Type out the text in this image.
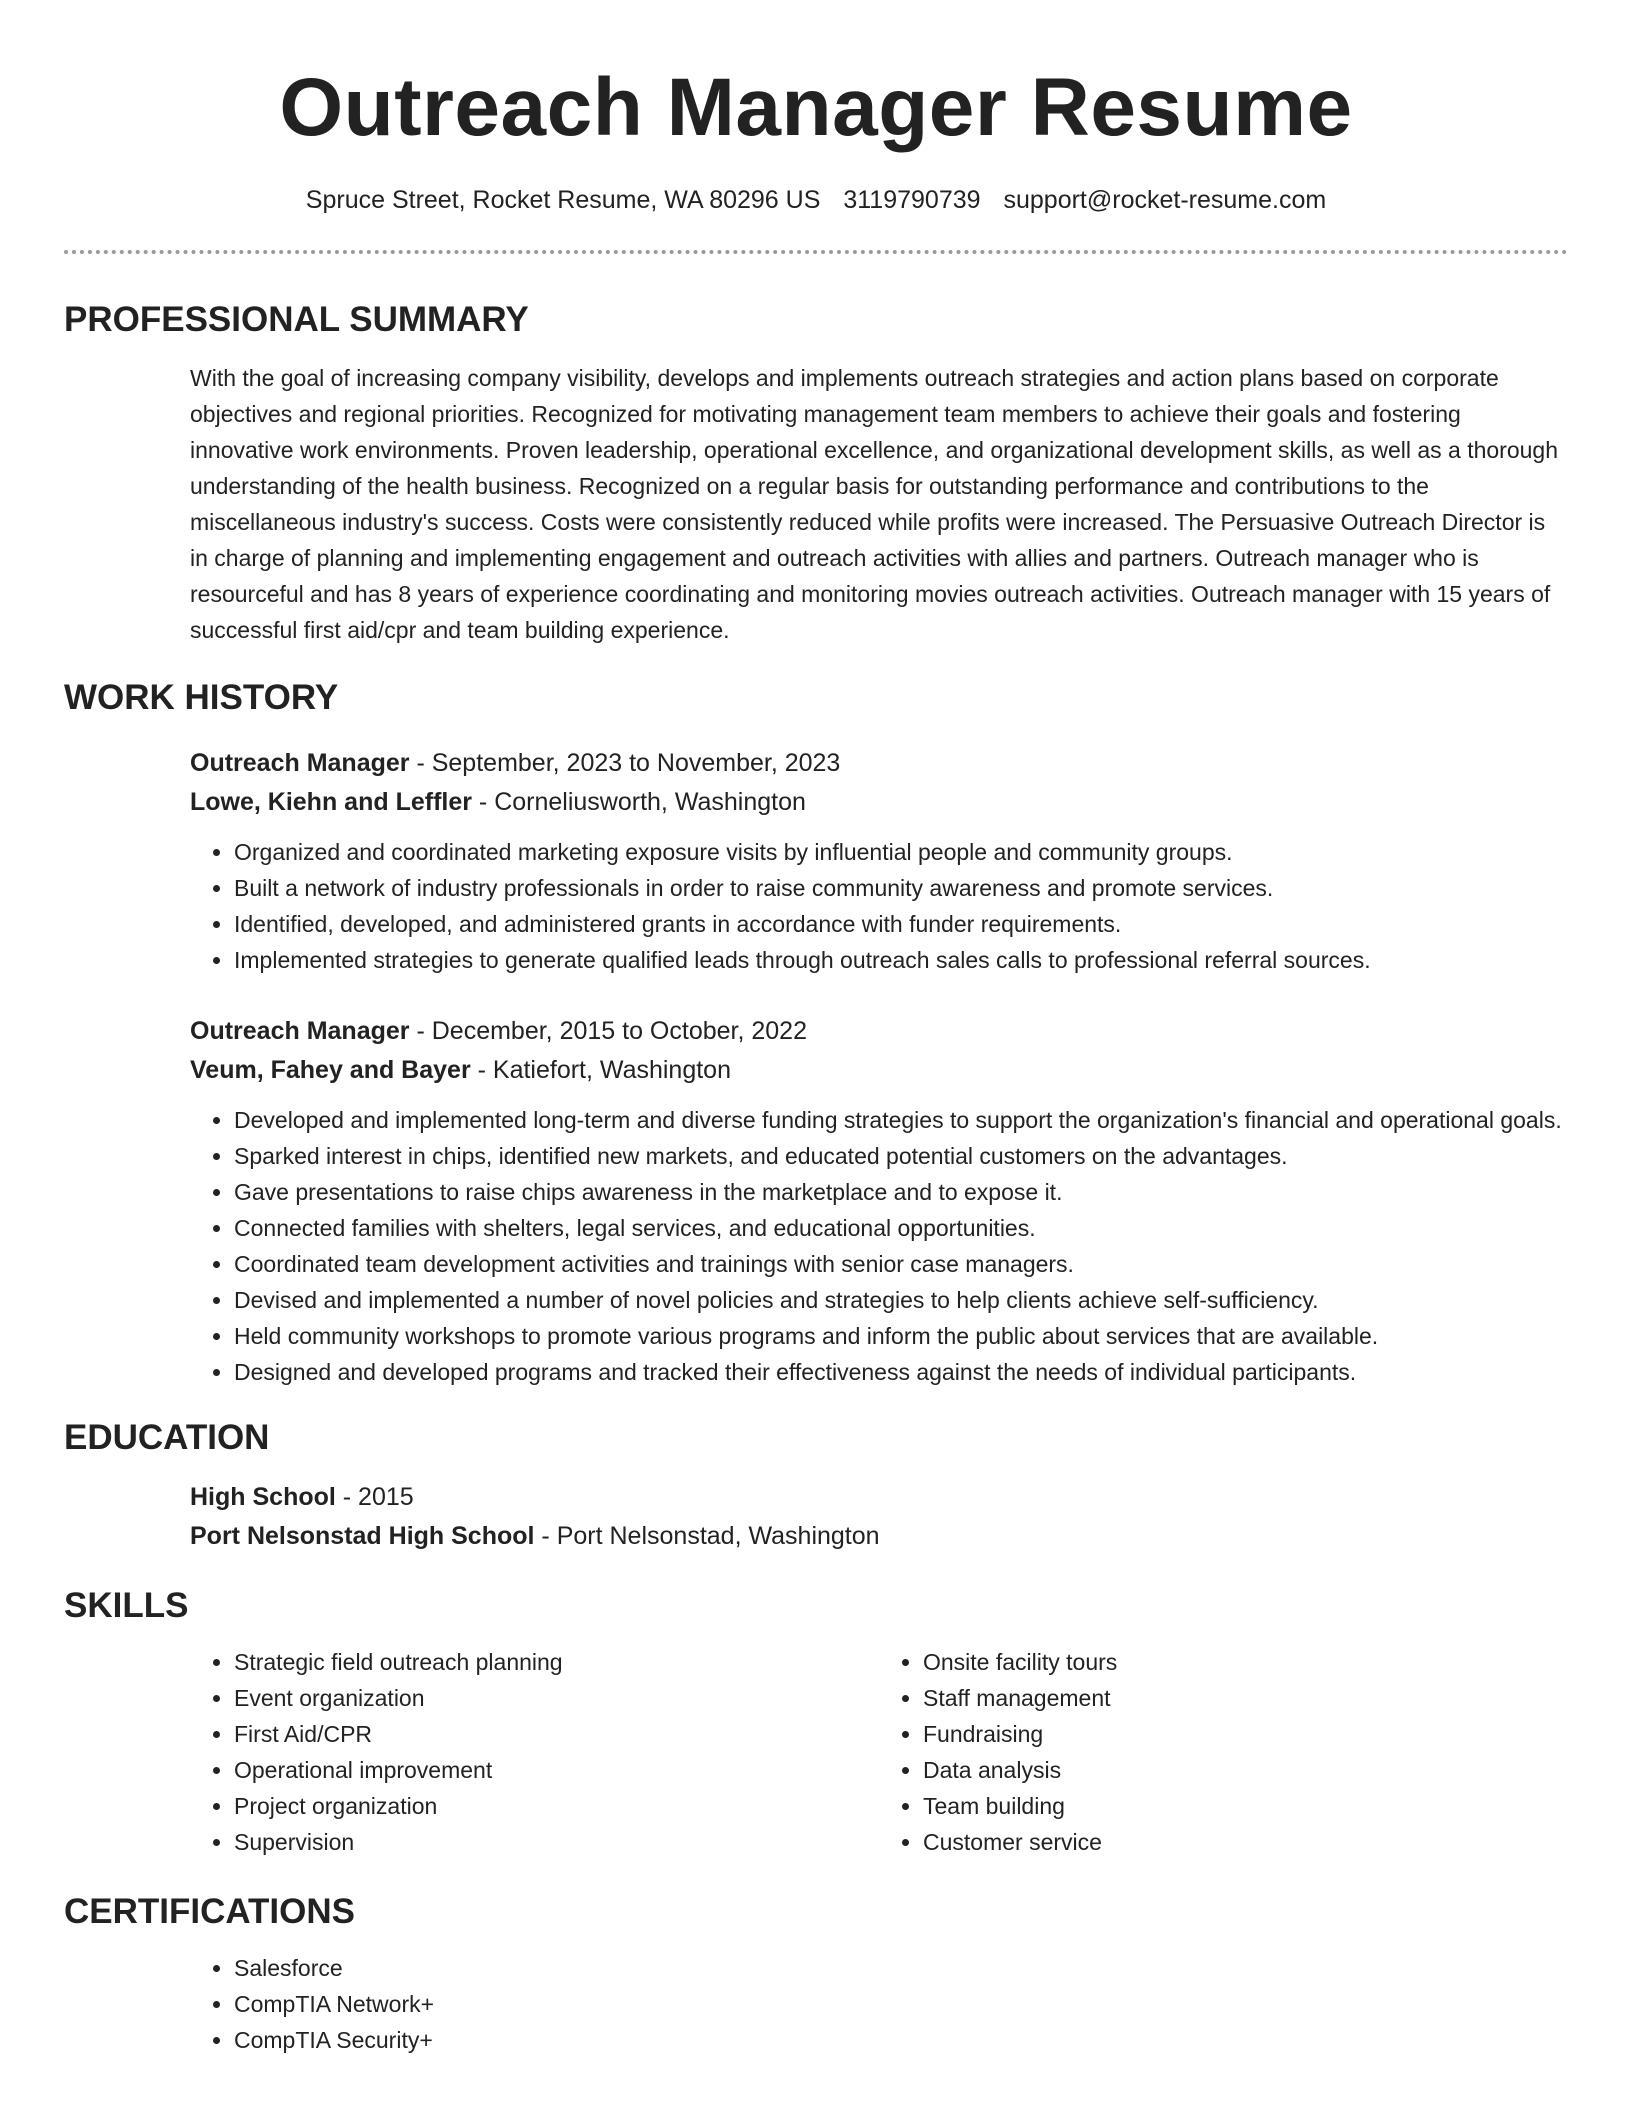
Outreach Manager Resume
Spruce Street, Rocket Resume, WA 80296 US 3119790739 support@rocket-resume.com
PROFESSIONAL SUMMARY

With the goal of increasing company visibility, develops and implements outreach strategies and action plans based on corporate objectives and regional priorities. Recognized for motivating management team members to achieve their goals and fostering innovative work environments. Proven leadership, operational excellence, and organizational development skills, as well as a thorough understanding of the health business. Recognized on a regular basis for outstanding performance and contributions to the miscellaneous industry's success. Costs were consistently reduced while profits were increased. The Persuasive Outreach Director is in charge of planning and implementing engagement and outreach activities with allies and partners. Outreach manager who is resourceful and has 8 years of experience coordinating and monitoring movies outreach activities. Outreach manager with 15 years of successful first aid/cpr and team building experience.

WORK HISTORY
Outreach Manager - September, 2023 to November, 2023
Lowe, Kiehn and Leffler - Corneliusworth, Washington
• Organized and coordinated marketing exposure visits by influential people and community groups.
• Built a network of industry professionals in order to raise community awareness and promote services.
• Identified, developed, and administered grants in accordance with funder requirements.
• Implemented strategies to generate qualified leads through outreach sales calls to professional referral sources.
Outreach Manager - December, 2015 to October, 2022
Veum, Fahey and Bayer - Katiefort, Washington
• Developed and implemented long-term and diverse funding strategies to support the organization's financial and operational goals.
• Sparked interest in chips, identified new markets, and educated potential customers on the advantages.
• Gave presentations to raise chips awareness in the marketplace and to expose it.
• Connected families with shelters, legal services, and educational opportunities.
• Coordinated team development activities and trainings with senior case managers.
• Devised and implemented a number of novel policies and strategies to help clients achieve self-sufficiency.
• Held community workshops to promote various programs and inform the public about services that are available.
• Designed and developed programs and tracked their effectiveness against the needs of individual participants.
EDUCATION
High School - 2015
Port Nelsonstad High School - Port Nelsonstad, Washington
SKILLS
• Strategic field outreach planning
• Event organization
• First Aid/CPR
• Operational improvement
• Project organization
• Supervision
• Onsite facility tours
• Staff management
• Fundraising
• Data analysis
• Team building
• Customer service
CERTIFICATIONS
• Salesforce
• CompTIA Network+
• CompTIA Security+
